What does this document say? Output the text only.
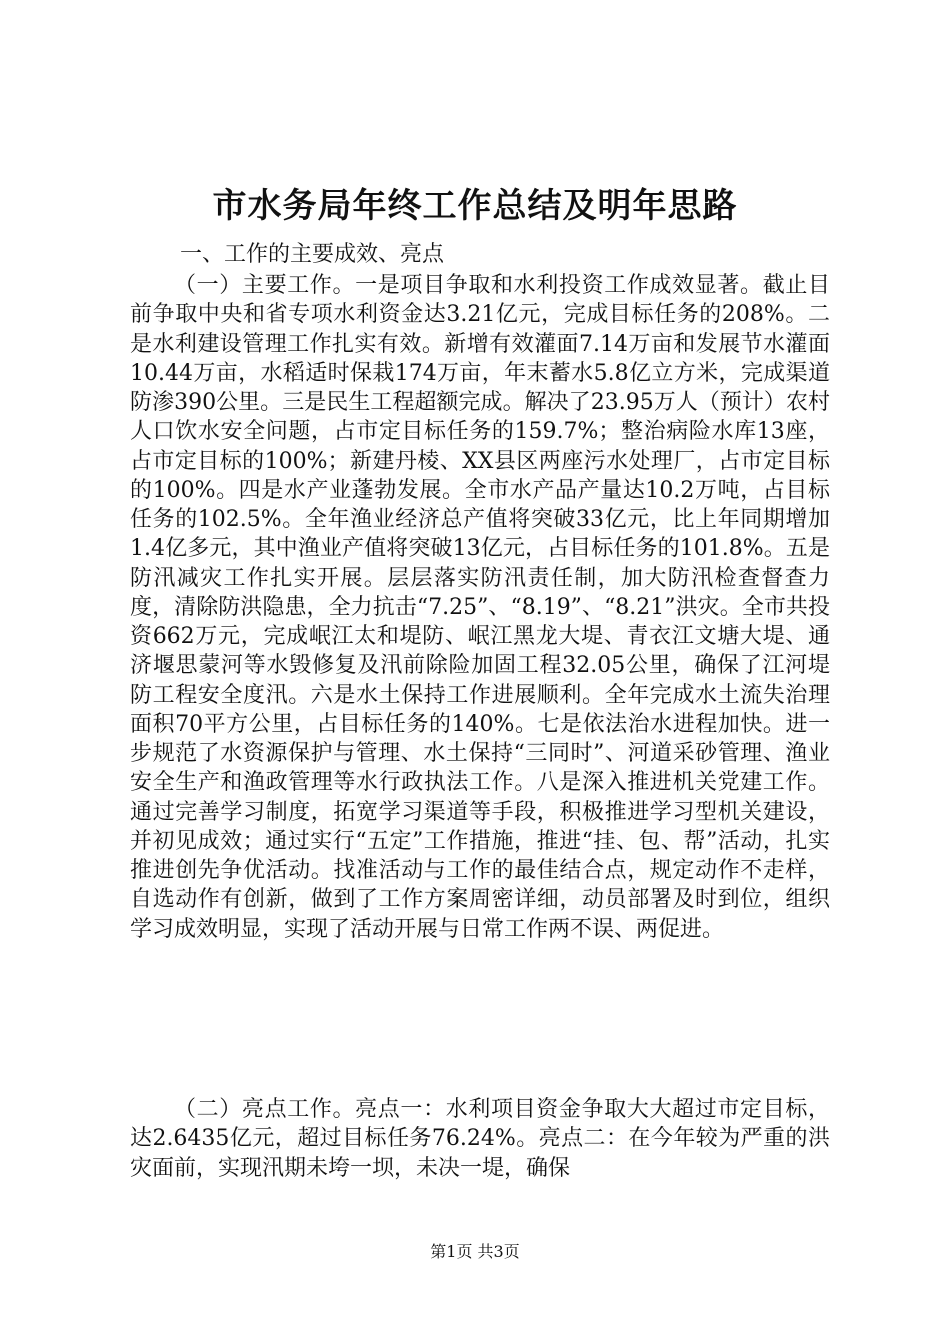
市水务局年终工作总结及明年思路

一、工作的主要成效、亮点

（一）主要工作。一是项目争取和水利投资工作成效显著。截止目前争取中央和省专项水利资金达3.21亿元，完成目标任务的208%。二是水利建设管理工作扎实有效。新增有效灌面7.14万亩和发展节水灌面10.44万亩，水稻适时保栽174万亩，年末蓄水5.8亿立方米，完成渠道防渗390公里。三是民生工程超额完成。解决了23.95万人（预计）农村人口饮水安全问题，占市定目标任务的159.7%；整治病险水库13座，占市定目标的100%；新建丹棱、XX县区两座污水处理厂，占市定目标的100%。四是水产业蓬勃发展。全市水产品产量达10.2万吨，占目标任务的102.5%。全年渔业经济总产值将突破33亿元，比上年同期增加1.4亿多元，其中渔业产值将突破13亿元，占目标任务的101.8%。五是防汛减灾工作扎实开展。层层落实防汛责任制，加大防汛检查督查力度，清除防洪隐患，全力抗击“7.25”、“8.19”、“8.21”洪灾。全市共投资662万元，完成岷江太和堤防、岷江黑龙大堤、青衣江文塘大堤、通济堰思蒙河等水毁修复及汛前除险加固工程32.05公里，确保了江河堤防工程安全度汛。六是水土保持工作进展顺利。全年完成水土流失治理面积70平方公里，占目标任务的140%。七是依法治水进程加快。进一步规范了水资源保护与管理、水土保持“三同时”、河道采砂管理、渔业安全生产和渔政管理等水行政执法工作。八是深入推进机关党建工作。通过完善学习制度，拓宽学习渠道等手段，积极推进学习型机关建设，并初见成效；通过实行“五定”工作措施，推进“挂、包、帮”活动，扎实推进创先争优活动。找准活动与工作的最佳结合点，规定动作不走样，自选动作有创新，做到了工作方案周密详细，动员部署及时到位，组织学习成效明显，实现了活动开展与日常工作两不误、两促进。

（二）亮点工作。亮点一：水利项目资金争取大大超过市定目标，达2.6435亿元，超过目标任务76.24%。亮点二：在今年较为严重的洪灾面前，实现汛期未垮一坝，未决一堤，确保

第1页 共3页
